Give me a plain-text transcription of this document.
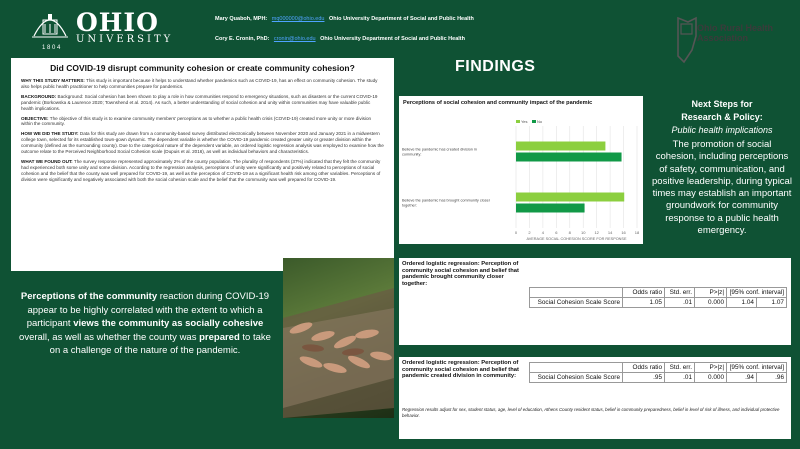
OHIO
UNIVERSITY
1 8 0 4
Mary Quaboh, MPH: mq000000@ohio.edu Ohio University Department of Social and Public Health
Cory E. Cronin, PhD: cronin@ohio.edu Ohio University Department of Social and Public Health
Ohio Rural Health Association
Did COVID-19 disrupt community cohesion or create community cohesion?

WHY THIS STUDY MATTERS: This study is important because it helps to understand whether pandemics such as COVID-19, has an effect on community cohesion. The study also helps public health practitioner to help communities prepare for pandemics.

BACKGROUND: Background: Social cohesion has been shown to play a role in how communities respond to emergency situations, such as disasters or the current COVID-19 pandemic (Borkowska & Laurence 2020; Townshend et al. 2014). As such, a better understanding of social cohesion and unity within communities may have valuable public health implications.

OBJECTIVE: The objective of this study is to examine community members' perceptions as to whether a public health crisis (COVID-19) created more unity or more division within the community.

HOW WE DID THE STUDY: Data for this study are drawn from a community-based survey distributed electronically between November 2020 and January 2021 in a midwestern college town, selected for its established town-gown dynamic. The dependent variable is whether the COVID-19 pandemic created greater unity or greater division within the community (defined as the surrounding county). Due to the categorical nature of the dependent variable, an ordered logistic regression analysis was employed to examine how the outcome relate to the Perceived Neighborhood Social Cohesion scale (Dupuis et al. 2016), as well as individual behaviors and characteristics.

WHAT WE FOUND OUT: The survey response represented approximately 2% of the county population. The plurality of respondents (37%) indicated that they felt the community had experienced both some unity and some division. According to the regression analysis, perceptions of unity were significantly and positively related to perceptions of social cohesion and the belief that the county was well prepared for COVID-19, as well as the perception of COVID-19 as a significant health risk among other variables. Perceptions of division were significantly and negatively associated with both the social cohesion scale and the belief that the community was well prepared for COVID-19.

FINDINGS
Perceptions of social cohesion and community impact of the pandemic
0	2	4	6	8	10 12 14 16 18
AVERAGE SOCIAL COHESION SCORE FOR RESPONSE
Yes No
Believe the pandemic has created division in community:
Believe the pandemic has brought community closer together:
Next Steps for
Research & Policy:
Public health implications
The promotion of social cohesion, including perceptions of safety, communication, and positive leadership, during typical times may establish an important groundwork for community response to a public health emergency.
Perceptions of the community reaction during COVID-19 appear to be highly correlated with the extent to which a participant views the community as socially cohesive overall, as well as whether the county was prepared to take on a challenge of the nature of the pandemic.
Ordered logistic regression: Perception of community social cohesion and belief that pandemic brought community closer together:
	Odds ratio	Std. err.	P>|z|	[95% conf. interval]	
Social Cohesion Scale Score	1.05	.01	0.000	1.04	1.07
Ordered logistic regression: Perception of community social cohesion and belief that pandemic created division in community:
	Odds ratio	Std. err.	P>|z|	[95% conf. interval]	
Social Cohesion Scale Score	.95	.01	0.000	.94	.96
Regression results adjust for sex, student status, age, level of education, Athens County resident status, belief in community preparedness, belief in level of risk of illness, and individual protective behavior.
